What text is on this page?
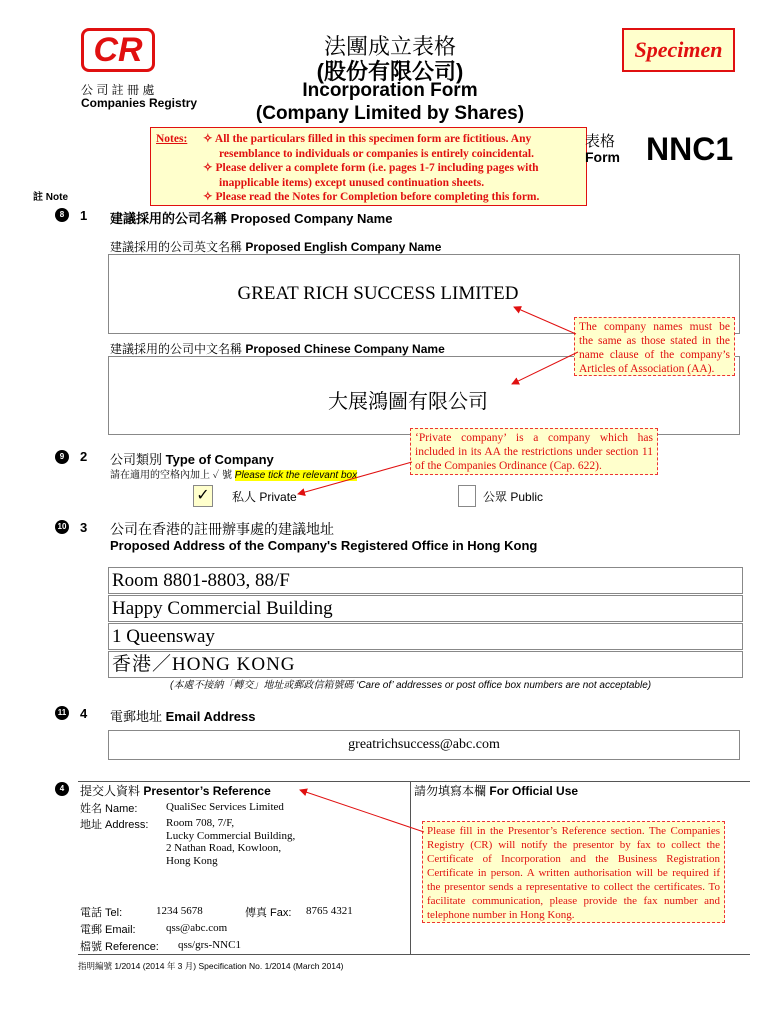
CR
公 司 註 冊 處
Companies Registry
法團成立表格
(股份有限公司)
Incorporation Form
(Company Limited by Shares)
Specimen
Notes: ✧ All the particulars filled in this specimen form are fictitious. Any resemblance to individuals or companies is entirely coincidental.
✧ Please deliver a complete form (i.e. pages 1-7 including pages with inapplicable items) except unused continuation sheets.
✧ Please read the Notes for Completion before completing this form.
表格
Form NNC1
註 Note
8	1 建議採用的公司名稱 Proposed Company Name
建議採用的公司英文名稱 Proposed English Company Name
GREAT RICH SUCCESS LIMITED
建議採用的公司中文名稱 Proposed Chinese Company Name
大展鴻圖有限公司
The company names must be the same as those stated in the name clause of the company’s Articles of Association (AA).
9	2 公司類別 Type of Company
請在適用的空格內加上 ✓ 號 Please tick the relevant box
‘Private company’ is a company which has included in its AA the restrictions under section 11 of the Companies Ordinance (Cap. 622).
✓ 私人 Private	公眾 Public
10 3 公司在香港的註冊辦事處的建議地址
Proposed Address of the Company's Registered Office in Hong Kong
Room 8801-8803, 88/F
Happy Commercial Building
1 Queensway
香港／HONG KONG
(本處不接納「轉交」地址或郵政信箱號碼 ‘Care of’ addresses or post office box numbers are not acceptable)
11 4 電郵地址 Email Address
greatrichsuccess@abc.com
4	提交人資料 Presentor’s Reference	請勿填寫本欄 For Official Use
姓名 Name:	QualiSec Services Limited
地址 Address: Room 708, 7/F,
Lucky Commercial Building,
2 Nathan Road, Kowloon,
Hong Kong
電話 Tel:	1234 5678	傳真 Fax: 8765 4321
電郵 Email:	qss@abc.com
檔號 Reference: qss/grs-NNC1
Please fill in the Presentor’s Reference section. The Companies Registry (CR) will notify the presentor by fax to collect the Certificate of Incorporation and the Business Registration Certificate in person. A written authorisation will be required if the presentor sends a representative to collect the certificates. To facilitate communication, please provide the fax number and telephone number in Hong Kong.
指明編號 1/2014 (2014 年 3 月) Specification No. 1/2014 (March 2014)
